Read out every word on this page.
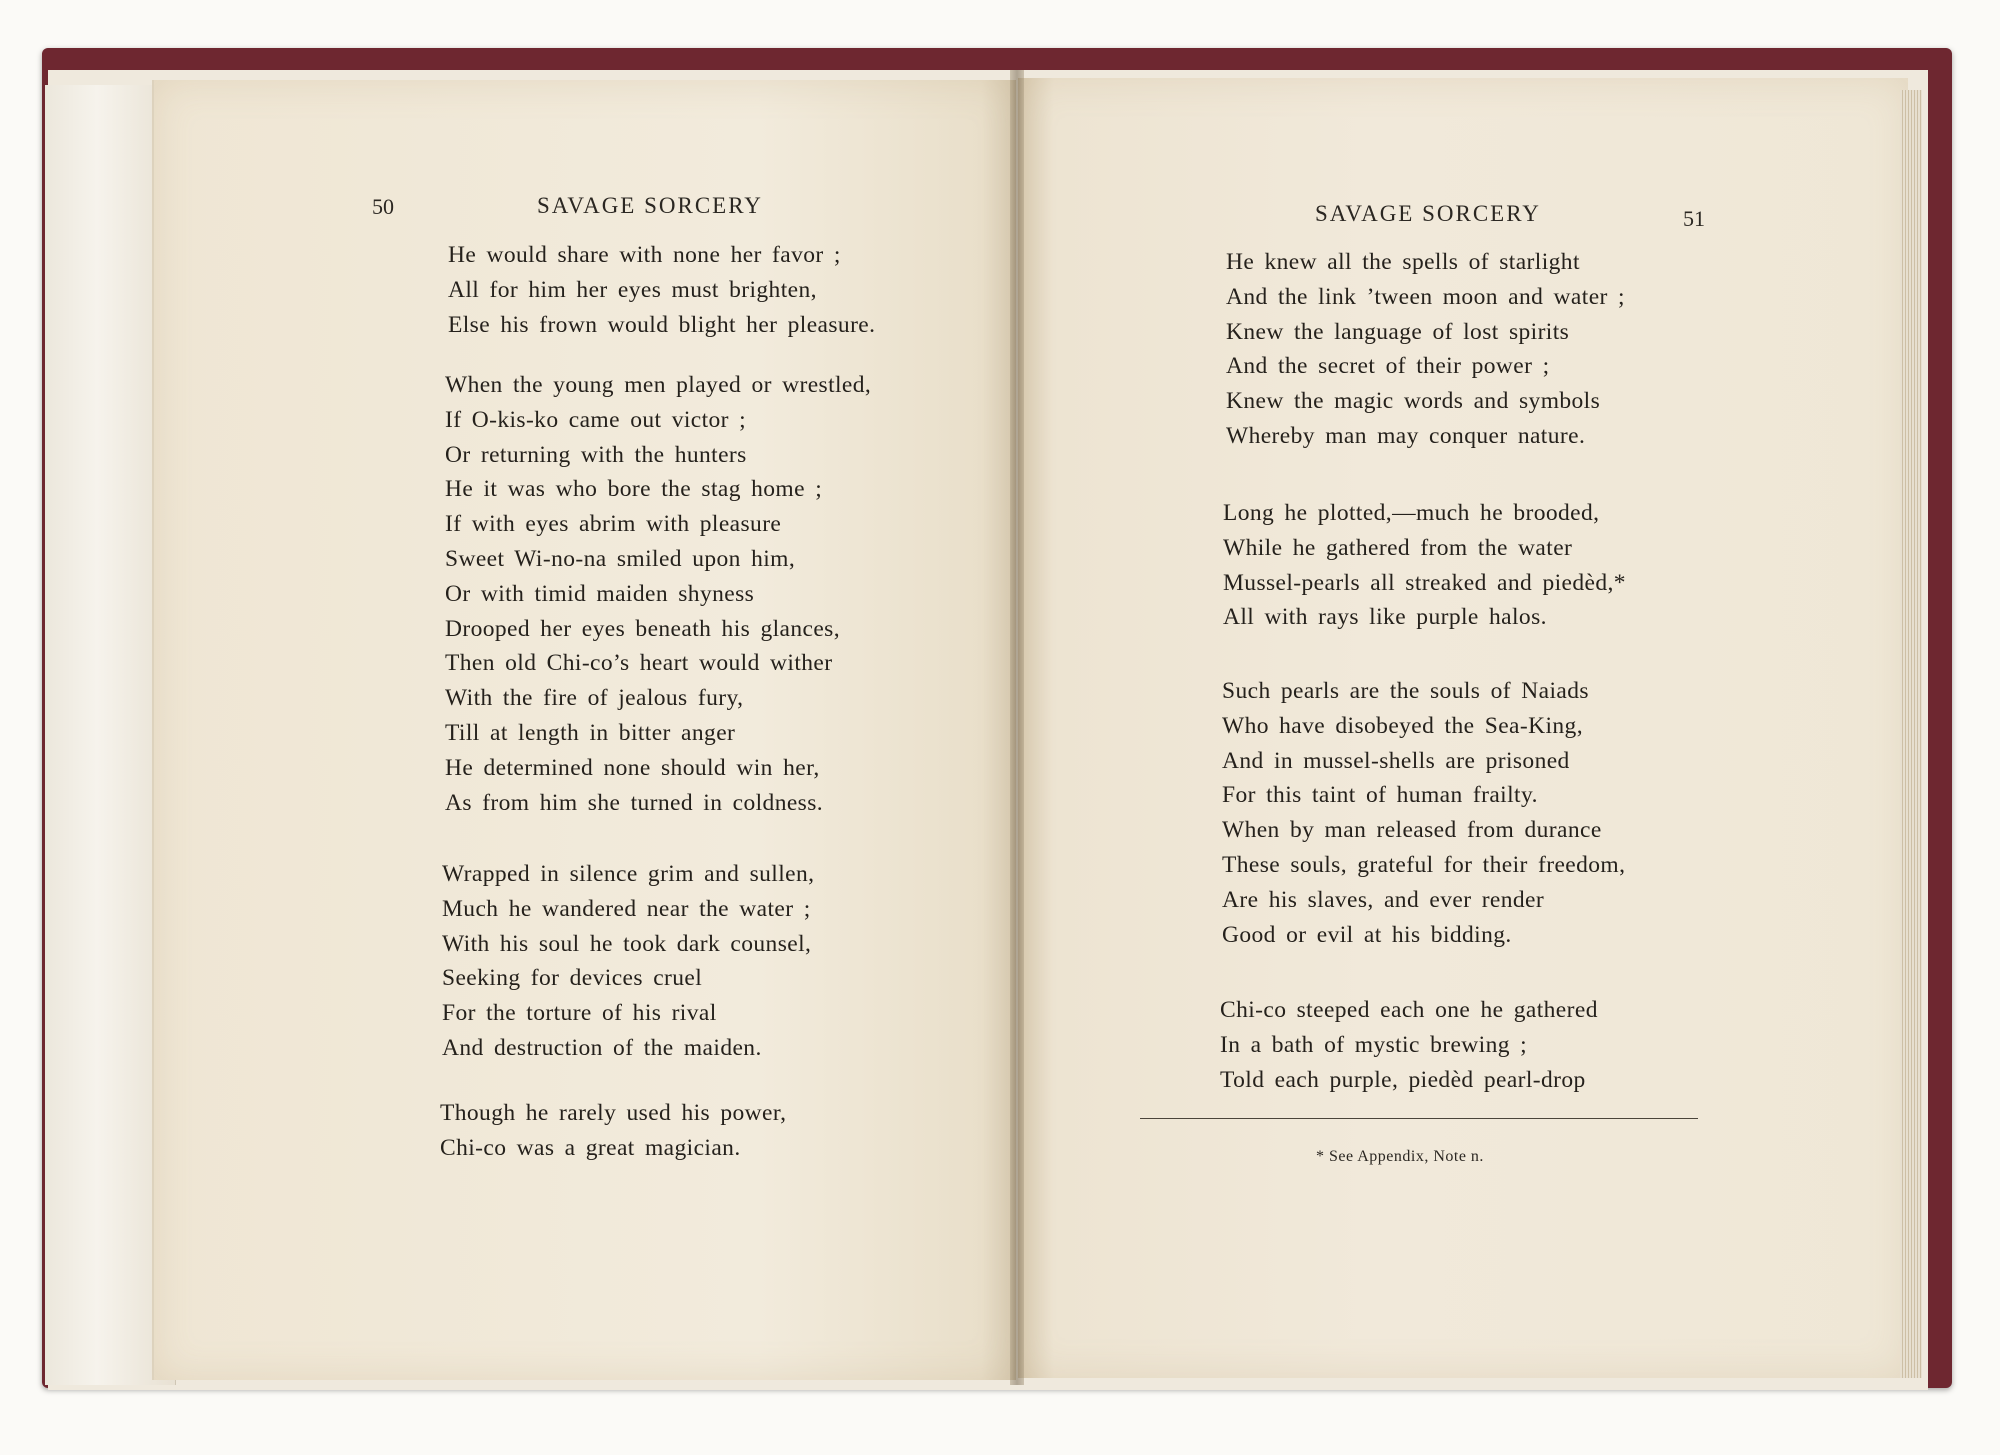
50	SAVAGE SORCERY
He would share with none her favor ;
All for him her eyes must brighten,
Else his frown would blight her pleasure.
When the young men played or wrestled,
If O-kis-ko came out victor ;
Or returning with the hunters
He it was who bore the stag home ;
If with eyes abrim with pleasure
Sweet Wi-no-na smiled upon him,
Or with timid maiden shyness
Drooped her eyes beneath his glances,
Then old Chi-co’s heart would wither
With the fire of jealous fury,
Till at length in bitter anger
He determined none should win her,
As from him she turned in coldness.
Wrapped in silence grim and sullen,
Much he wandered near the water ;
With his soul he took dark counsel,
Seeking for devices cruel
For the torture of his rival
And destruction of the maiden.
Though he rarely used his power,
Chi-co was a great magician.
SAVAGE SORCERY	51
He knew all the spells of starlight
And the link ’tween moon and water ;
Knew the language of lost spirits
And the secret of their power ;
Knew the magic words and symbols
Whereby man may conquer nature.
Long he plotted,—much he brooded,
While he gathered from the water
Mussel-pearls all streaked and piedèd,*
All with rays like purple halos.
Such pearls are the souls of Naiads
Who have disobeyed the Sea-King,
And in mussel-shells are prisoned
For this taint of human frailty.
When by man released from durance
These souls, grateful for their freedom,
Are his slaves, and ever render
Good or evil at his bidding.
Chi-co steeped each one he gathered
In a bath of mystic brewing ;
Told each purple, piedèd pearl-drop
* See Appendix, Note n.
